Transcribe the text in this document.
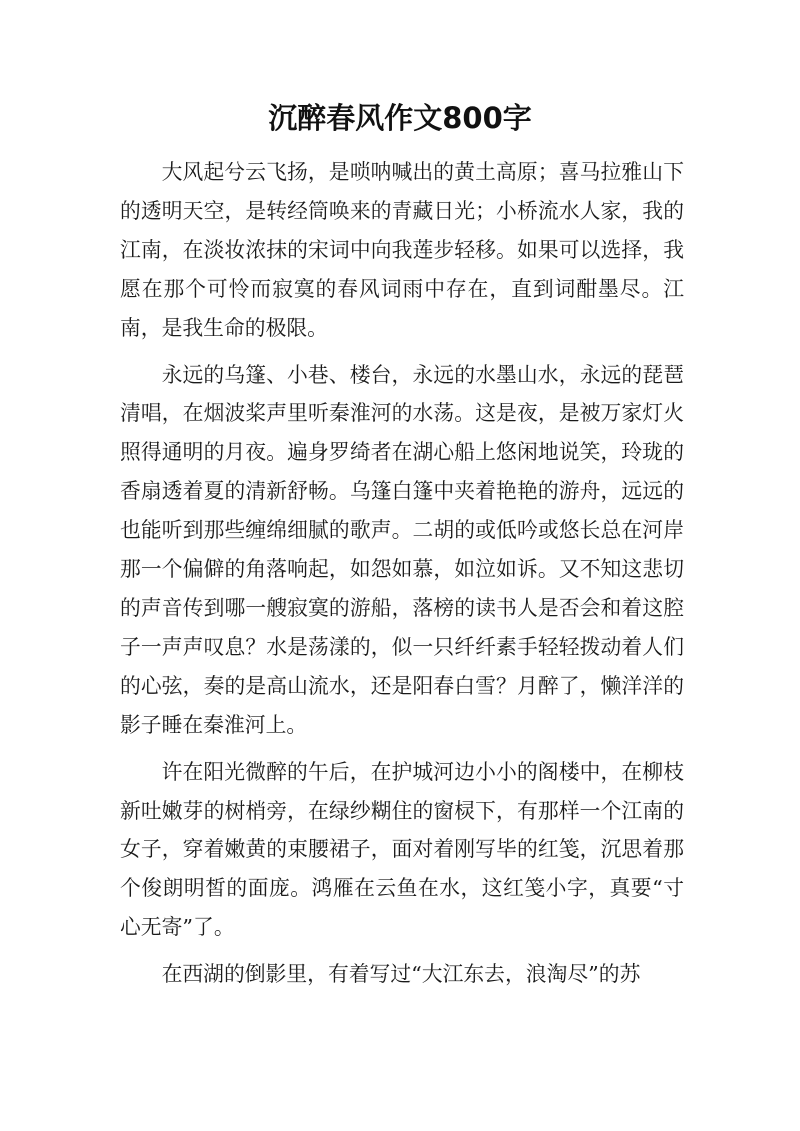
沉醉春风作文800字

大风起兮云飞扬，是唢呐喊出的黄土高原；喜马拉雅山下的透明天空，是转经筒唤来的青藏日光；小桥流水人家，我的江南，在淡妆浓抹的宋词中向我莲步轻移。如果可以选择，我愿在那个可怜而寂寞的春风词雨中存在，直到词酣墨尽。江南，是我生命的极限。

永远的乌篷、小巷、楼台，永远的水墨山水，永远的琵琶清唱，在烟波桨声里听秦淮河的水荡。这是夜，是被万家灯火照得通明的月夜。遍身罗绮者在湖心船上悠闲地说笑，玲珑的香扇透着夏的清新舒畅。乌篷白篷中夹着艳艳的游舟，远远的也能听到那些缠绵细腻的歌声。二胡的或低吟或悠长总在河岸那一个偏僻的角落响起，如怨如慕，如泣如诉。又不知这悲切的声音传到哪一艘寂寞的游船，落榜的读书人是否会和着这腔子一声声叹息？水是荡漾的，似一只纤纤素手轻轻拨动着人们的心弦，奏的是高山流水，还是阳春白雪？月醉了，懒洋洋的影子睡在秦淮河上。

许在阳光微醉的午后，在护城河边小小的阁楼中，在柳枝新吐嫩芽的树梢旁，在绿纱糊住的窗棂下，有那样一个江南的女子，穿着嫩黄的束腰裙子，面对着刚写毕的红笺，沉思着那个俊朗明皙的面庞。鸿雁在云鱼在水，这红笺小字，真要“寸心无寄”了。

在西湖的倒影里，有着写过“大江东去，浪淘尽”的苏
